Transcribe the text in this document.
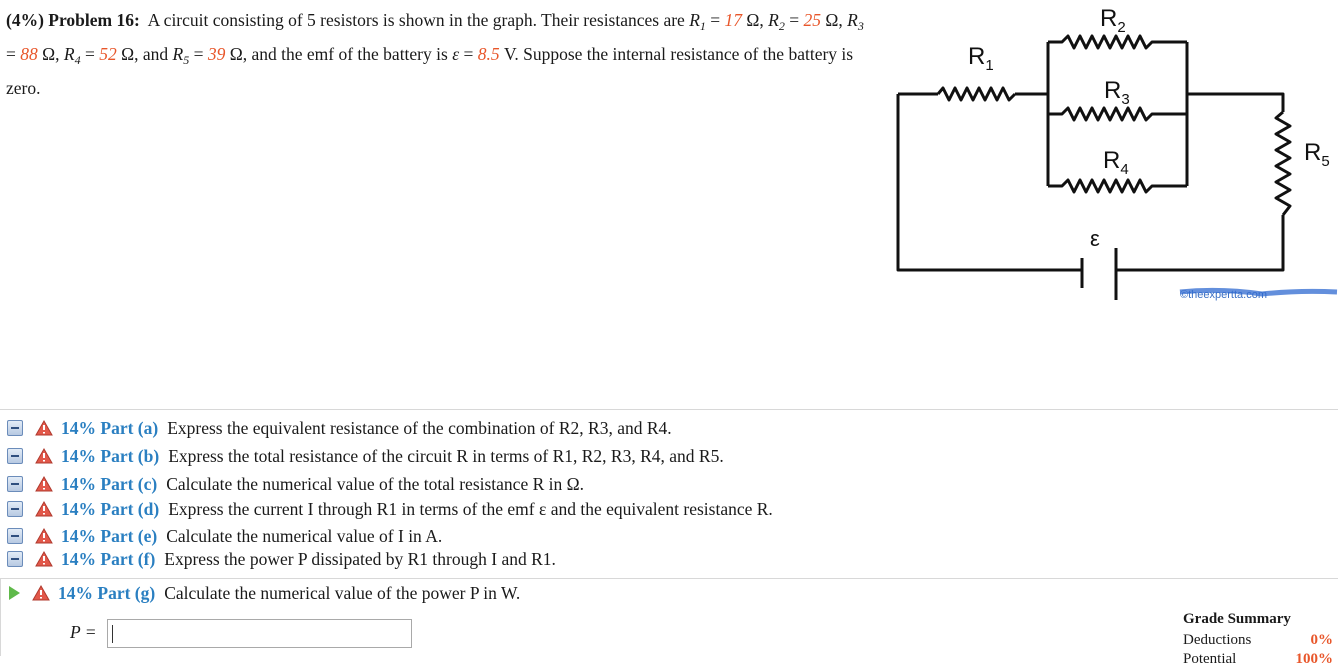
(4%) Problem 16: A circuit consisting of 5 resistors is shown in the graph. Their resistances are $R_1 = 17$ Ω, $R_2 = 25$ Ω, $R_3 = 88$ Ω, $R_4 = 52$ Ω, and $R_5 = 39$ Ω, and the emf of the battery is ε = 8.5 V. Suppose the internal resistance of the battery is zero.
$R_1$
$R_2$
$R_3$
$R_4$
$R_5$
ε
©theexpertta.com
14% Part (a) Express the equivalent resistance of the combination of R2, R3, and R4.
14% Part (b) Express the total resistance of the circuit R in terms of R1, R2, R3, R4, and R5.
14% Part (c) Calculate the numerical value of the total resistance R in Ω.
14% Part (d) Express the current I through R1 in terms of the emf ε and the equivalent resistance R.
14% Part (e) Calculate the numerical value of I in A.
14% Part (f) Express the power P dissipated by R1 through I and R1.
14% Part (g) Calculate the numerical value of the power P in W.
P =
Grade Summary
Deductions	0%
Potential	100%
